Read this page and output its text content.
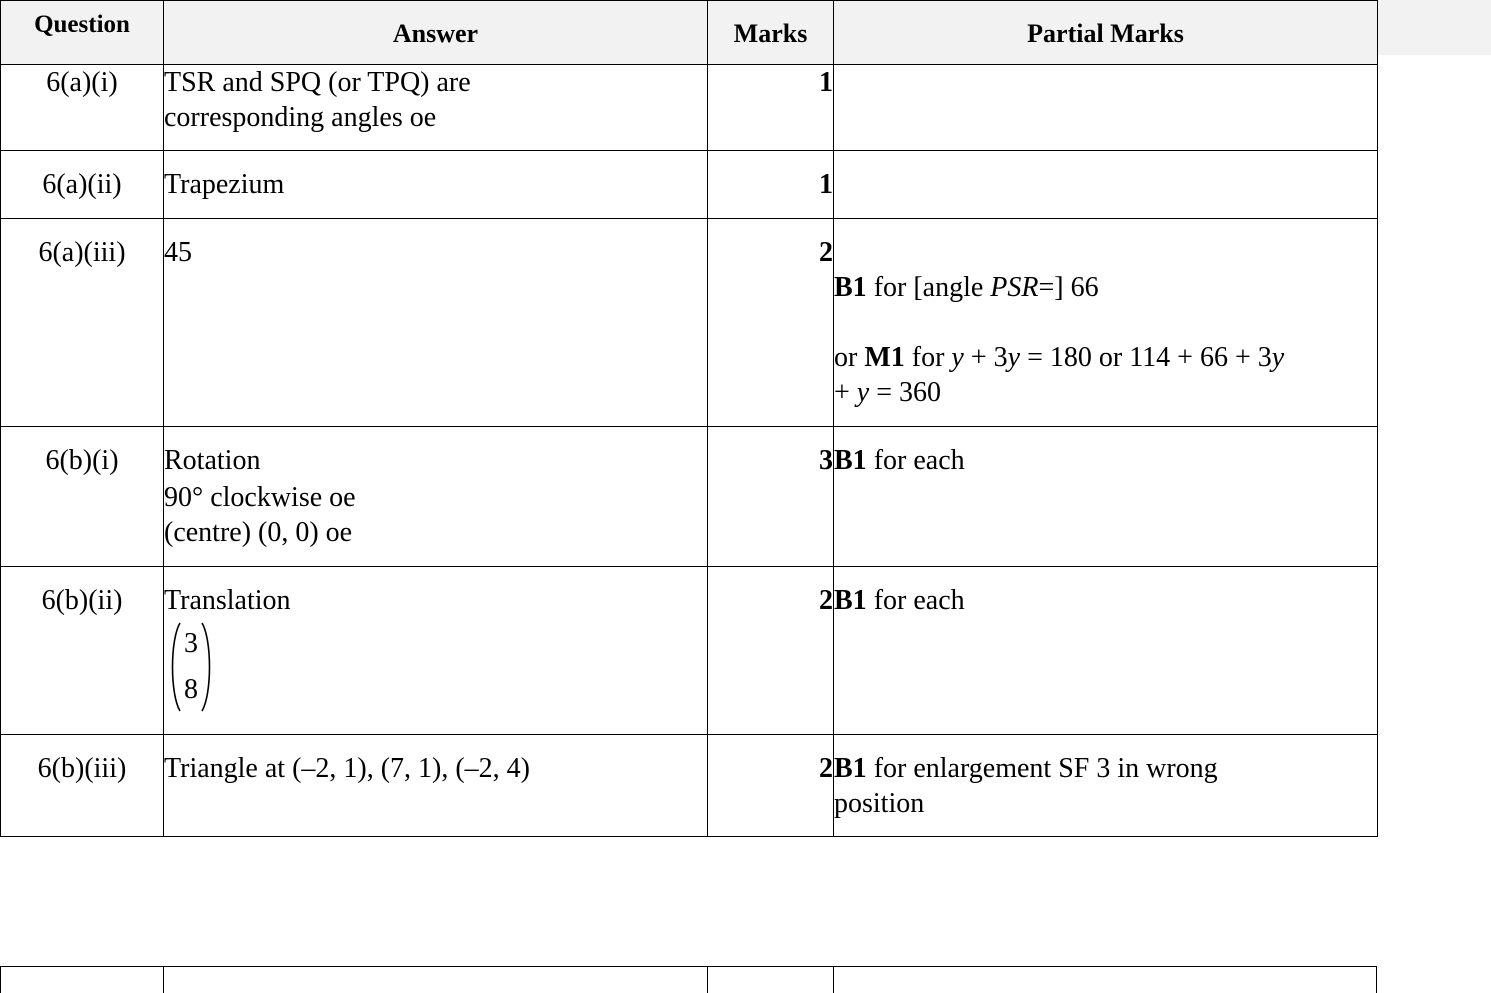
Question	Answer	Marks	Partial Marks
6(a)(i)	TSR and SPQ (or TPQ) are
corresponding angles oe	1	
6(a)(ii)	Trapezium	1	
6(a)(iii)	45	2	B1 for [angle PSR=] 66
or M1 for y + 3y = 180 or 114 + 66 + 3y
+ y = 360

6(b)(i)	Rotation
90° clockwise oe
(centre) (0, 0) oe	3	B1 for each

6(b)(ii)	Translation
3
8	2	B1 for each

6(b)(iii)	Triangle at (–2, 1), (7, 1), (–2, 4)	2	B1 for enlargement SF 3 in wrong
position
